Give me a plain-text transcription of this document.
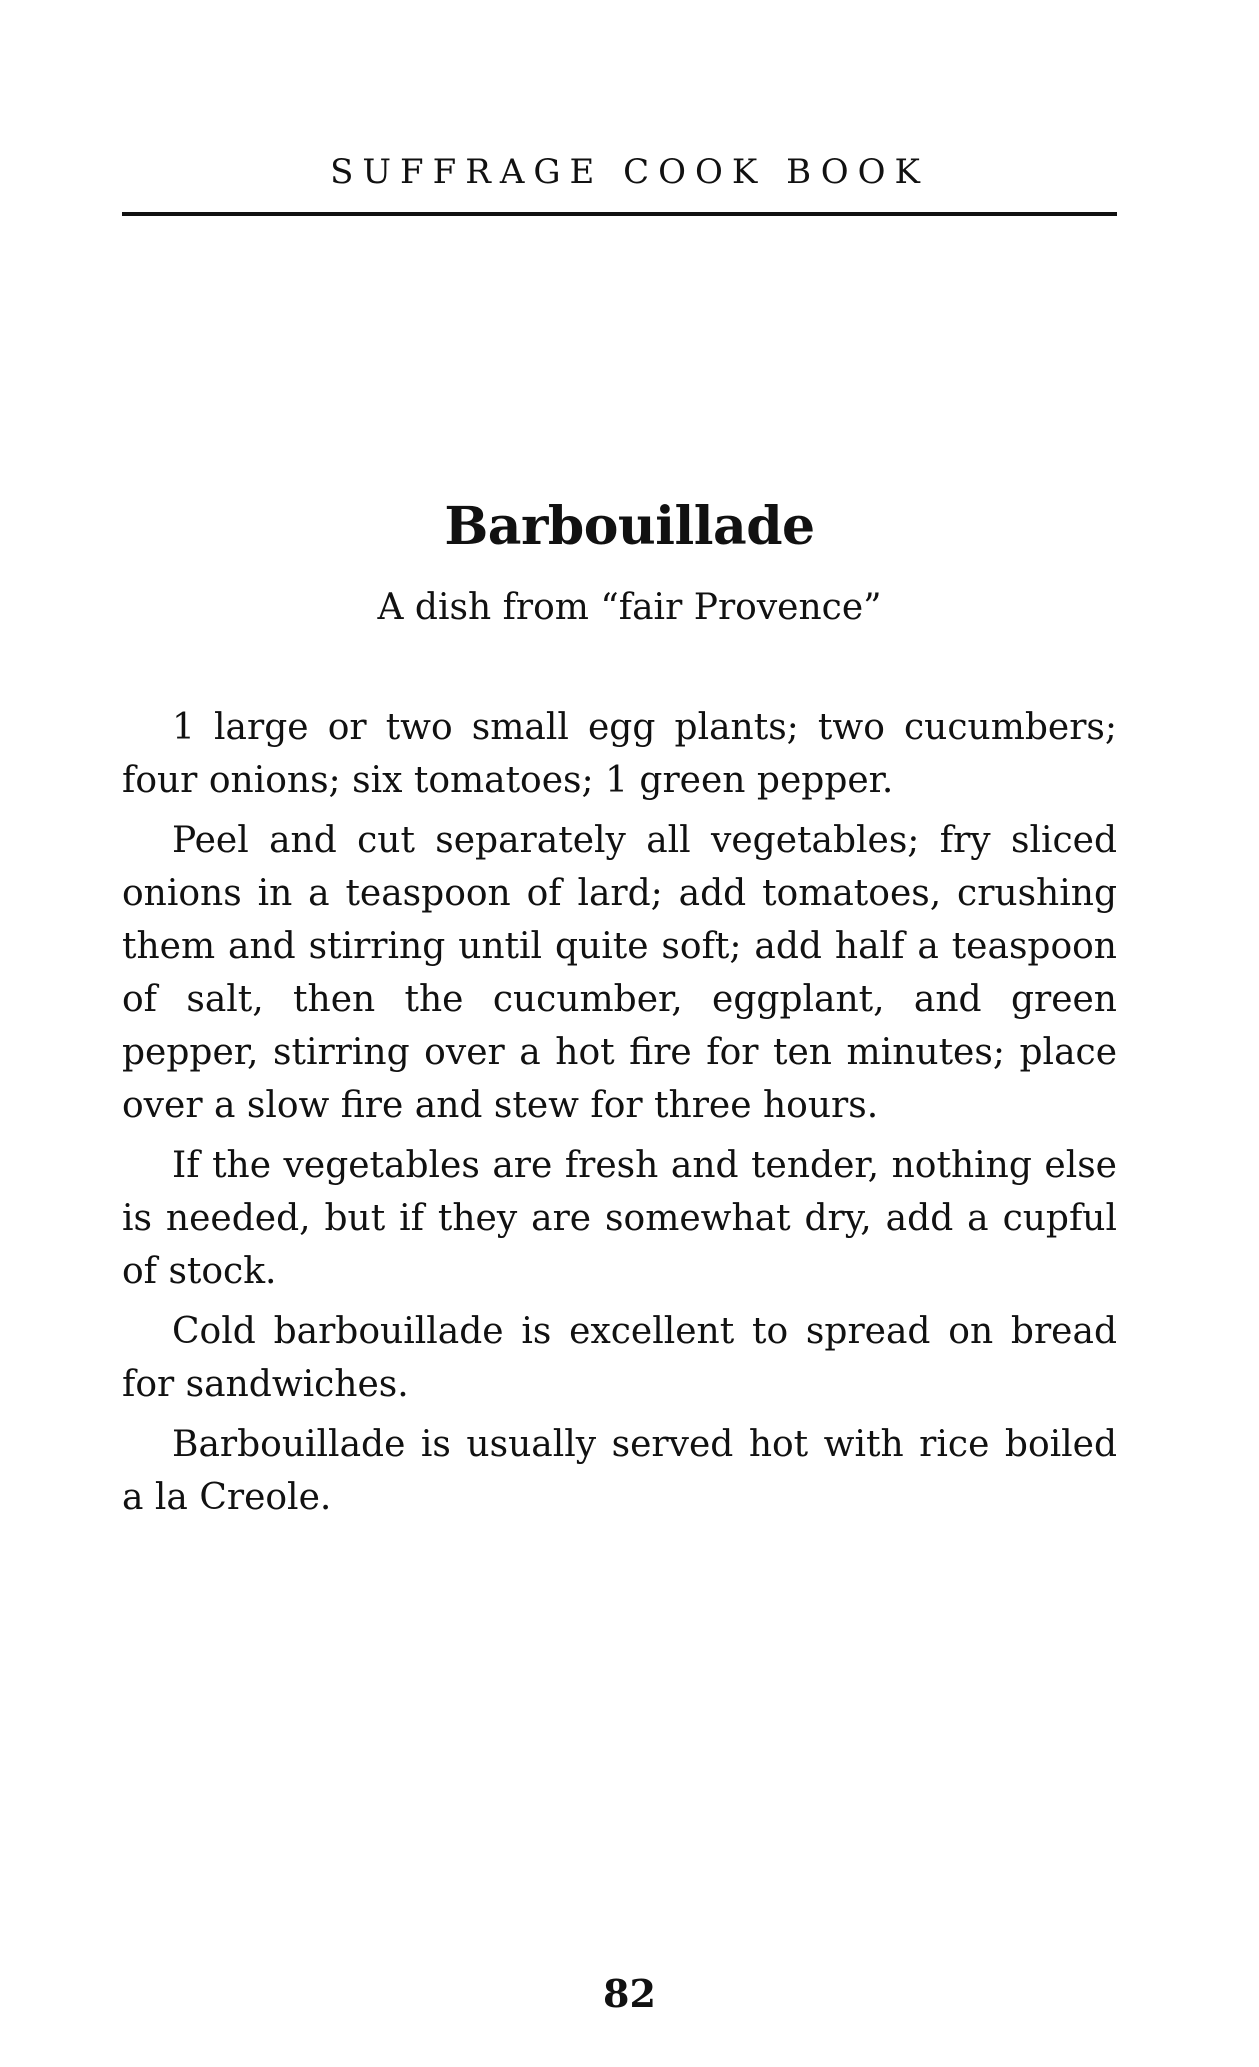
SUFFRAGE COOK BOOK
Barbouillade
A dish from “fair Provence”

1 large or two small egg plants; two cucumbers; four onions; six tomatoes; 1 green pepper.

Peel and cut separately all vegetables; fry sliced onions in a teaspoon of lard; add tomatoes, crushing them and stirring until quite soft; add half a teaspoon of salt, then the cucumber, eggplant, and green pepper, stirring over a hot fire for ten minutes; place over a slow fire and stew for three hours.

If the vegetables are fresh and tender, nothing else is needed, but if they are somewhat dry, add a cupful of stock.

Cold barbouillade is excellent to spread on bread for sandwiches.

Barbouillade is usually served hot with rice boiled a la Creole.

82
